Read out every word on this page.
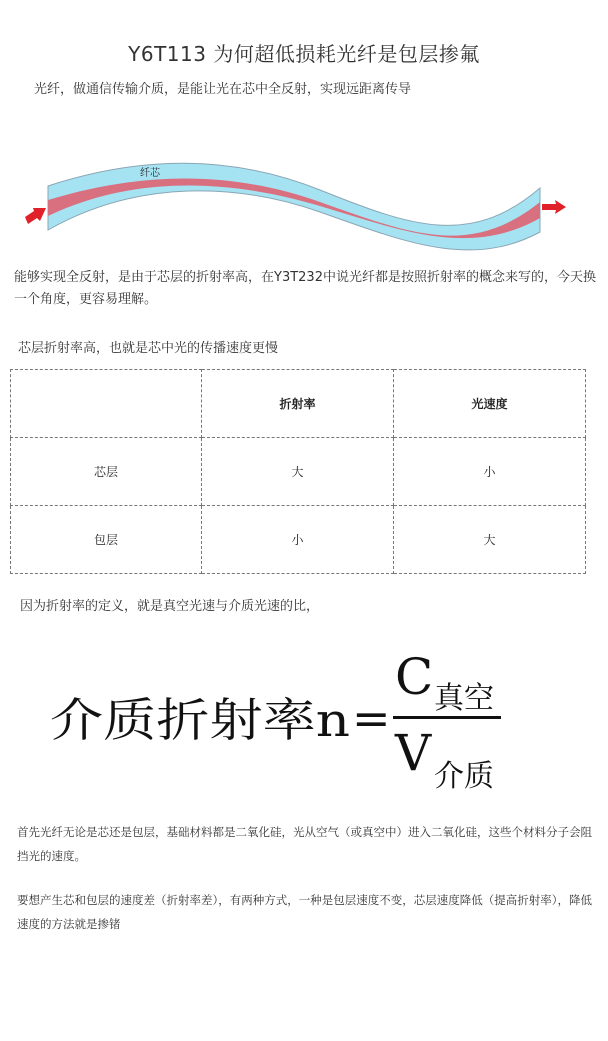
Y6T113 为何超低损耗光纤是包层掺氟
光纤，做通信传输介质，是能让光在芯中全反射，实现远距离传导
纤芯
能够实现全反射，是由于芯层的折射率高，在Y3T232中说光纤都是按照折射率的概念来写的，今天换一个角度，更容易理解。
芯层折射率高，也就是芯中光的传播速度更慢
	折射率	光速度
芯层	大	小
包层	小	大
因为折射率的定义，就是真空光速与介质光速的比，
介质折射率n =
C 真空
V 介质
首先光纤无论是芯还是包层，基础材料都是二氧化硅，光从空气（或真空中）进入二氧化硅，这些个材料分子会阻挡光的速度。
要想产生芯和包层的速度差（折射率差），有两种方式，一种是包层速度不变，芯层速度降低（提高折射率），降低速度的方法就是掺锗
